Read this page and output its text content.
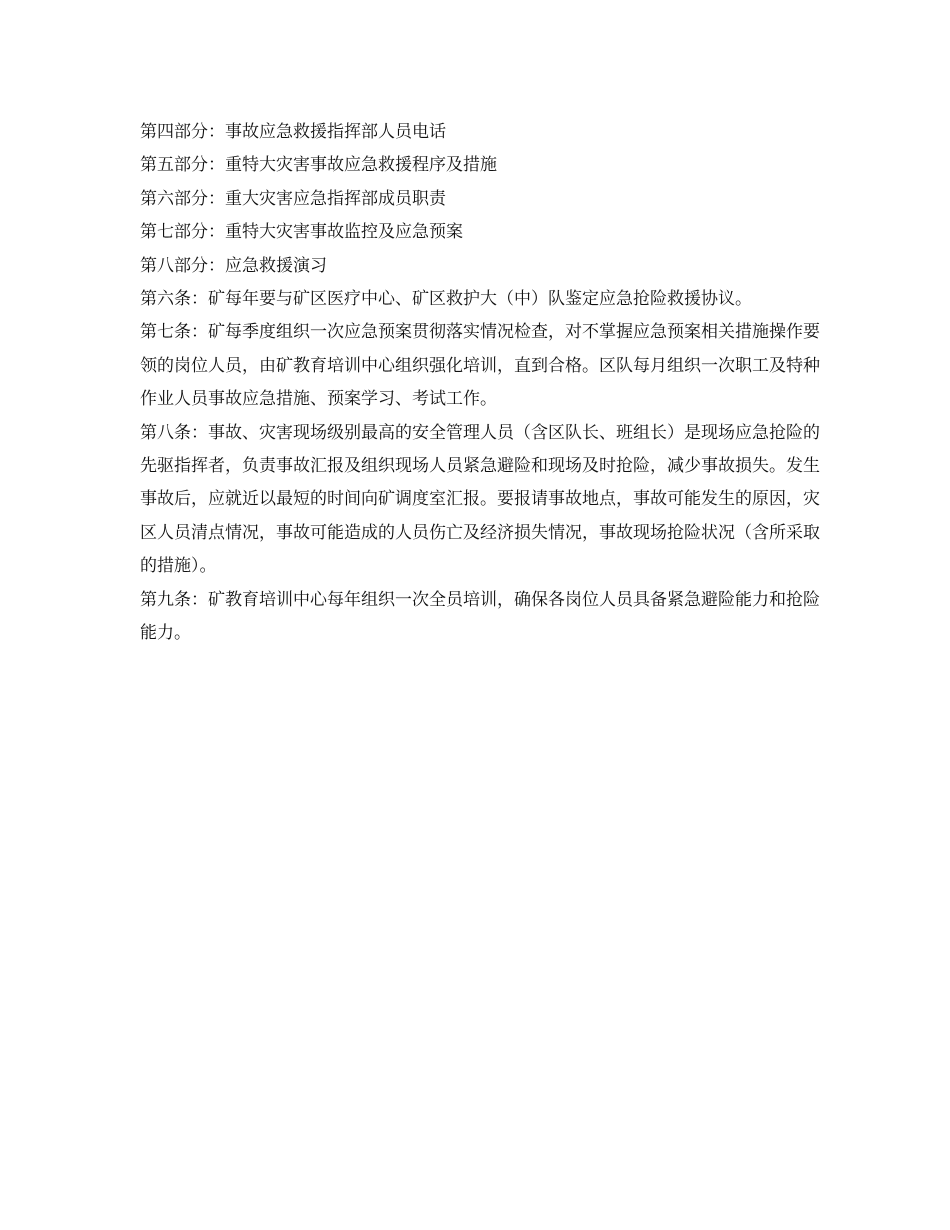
第四部分：事故应急救援指挥部人员电话
第五部分：重特大灾害事故应急救援程序及措施
第六部分：重大灾害应急指挥部成员职责
第七部分：重特大灾害事故监控及应急预案
第八部分：应急救援演习

第六条：矿每年要与矿区医疗中心、矿区救护大（中）队鉴定应急抢险救援协议。

第七条：矿每季度组织一次应急预案贯彻落实情况检查，对不掌握应急预案相关措施操作要领的岗位人员，由矿教育培训中心组织强化培训，直到合格。区队每月组织一次职工及特种作业人员事故应急措施、预案学习、考试工作。

第八条：事故、灾害现场级别最高的安全管理人员（含区队长、班组长）是现场应急抢险的先驱指挥者，负责事故汇报及组织现场人员紧急避险和现场及时抢险，减少事故损失。发生事故后，应就近以最短的时间向矿调度室汇报。要报请事故地点，事故可能发生的原因，灾区人员清点情况，事故可能造成的人员伤亡及经济损失情况，事故现场抢险状况（含所采取的措施）。

第九条：矿教育培训中心每年组织一次全员培训，确保各岗位人员具备紧急避险能力和抢险能力。
